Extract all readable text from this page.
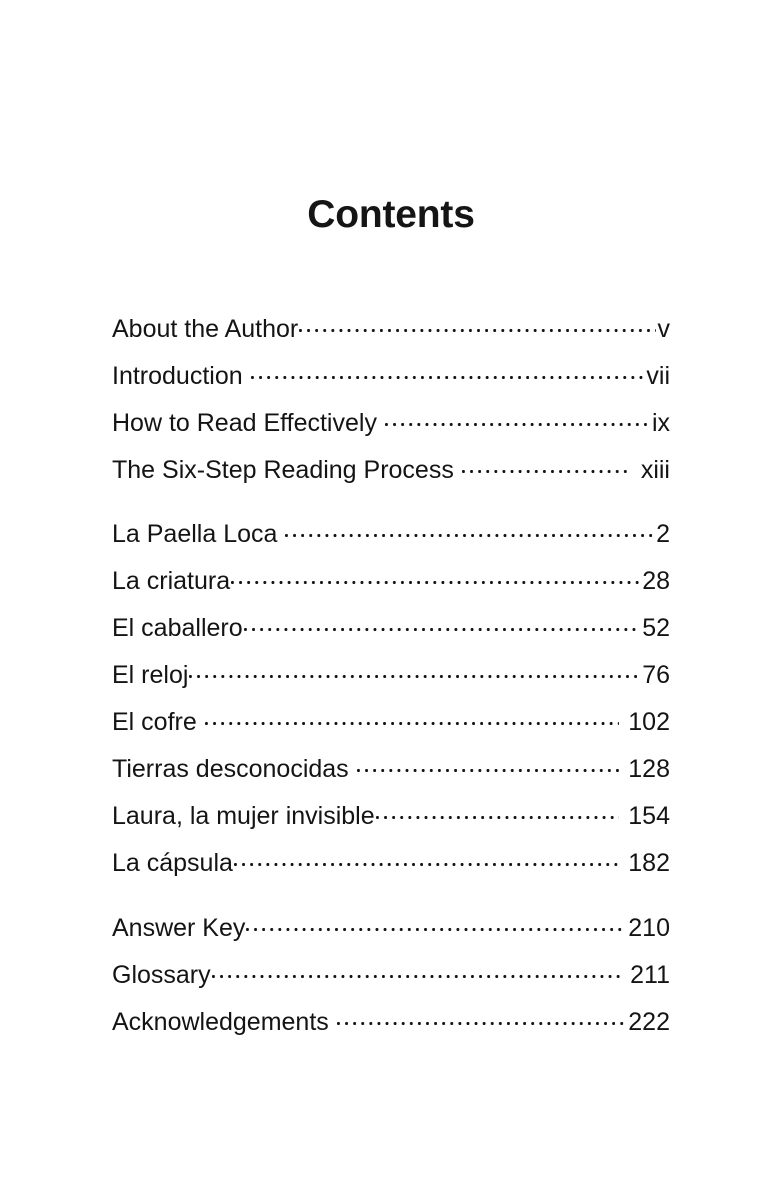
Contents
About the Author	v
Introduction	vii
How to Read Effectively	ix
The Six-Step Reading Process	xiii
La Paella Loca	2
La criatura	28
El caballero	52
El reloj	76
El cofre	102
Tierras desconocidas	128
Laura, la mujer invisible	154
La cápsula	182
Answer Key	210
Glossary	211
Acknowledgements	222
